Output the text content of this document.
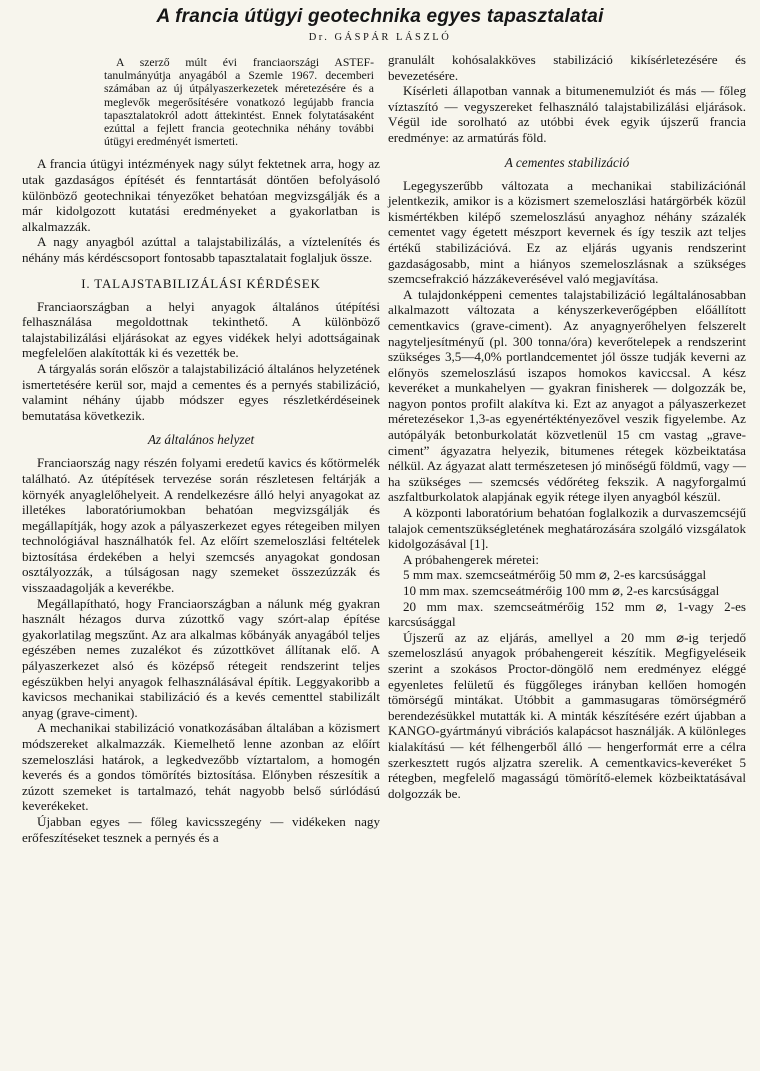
A francia útügyi geotechnika egyes tapasztalatai
Dr. GÁSPÁR LÁSZLÓ

A szerző múlt évi franciaországi ASTEF-tanulmányútja anyagából a Szemle 1967. decemberi számában az új útpályaszerkezetek méretezésére és a meglevők megerősítésére vonatkozó legújabb francia tapasztalatokról adott áttekintést. Ennek folytatásaként ezúttal a fejlett francia geotechnika néhány további útügyi eredményét ismerteti.

A francia útügyi intézmények nagy súlyt fektetnek arra, hogy az utak gazdaságos építését és fenntartását döntően befolyásoló különböző geotechnikai tényezőket behatóan megvizsgálják és a már kidolgozott kutatási eredményeket a gyakorlatban is alkalmazzák.

A nagy anyagból azúttal a talajstabilizálás, a víztelenítés és néhány más kérdéscsoport fontosabb tapasztalatait foglaljuk össze.

I. TALAJSTABILIZÁLÁSI KÉRDÉSEK

Franciaországban a helyi anyagok általános útépítési felhasználása megoldottnak tekinthető. A különböző talajstabilizálási eljárásokat az egyes vidékek helyi adottságainak megfelelően alakították ki és vezették be.

A tárgyalás során először a talajstabilizáció általános helyzetének ismertetésére kerül sor, majd a cementes és a pernyés stabilizáció, valamint néhány újabb módszer egyes részletkérdéseinek bemutatása következik.

Az általános helyzet

Franciaország nagy részén folyami eredetű kavics és kőtörmelék található. Az útépítések tervezése során részletesen feltárják a környék anyaglelőhelyeit. A rendelkezésre álló helyi anyagokat az illetékes laboratóriumokban behatóan megvizsgálják és megállapítják, hogy azok a pályaszerkezet egyes rétegeiben milyen technológiával használhatók fel. Az előírt szemeloszlási feltételek biztosítása érdekében a helyi szemcsés anyagokat gondosan osztályozzák, a túlságosan nagy szemeket összezúzzák és visszaadagolják a keverékbe.

Megállapítható, hogy Franciaországban a nálunk még gyakran használt hézagos durva zúzottkő vagy szórt-alap építése gyakorlatilag megszűnt. Az ara alkalmas kőbányák anyagából teljes egészében nemes zuzalékot és zúzottkövet állítanak elő. A pályaszerkezet alsó és középső rétegeit rendszerint teljes egészükben helyi anyagok felhasználásával építik. Leggyakoribb a kavicsos mechanikai stabilizáció és a kevés cementtel stabilizált anyag (grave-ciment).

A mechanikai stabilizáció vonatkozásában általában a közismert módszereket alkalmazzák. Kiemelhető lenne azonban az előírt szemeloszlási határok, a legkedvezőbb víztartalom, a homogén keverés és a gondos tömörítés biztosítása. Előnyben részesítik a zúzott szemeket is tartalmazó, tehát nagyobb belső súrlódású keverékeket.

Újabban egyes — főleg kavicsszegény — vidékeken nagy erőfeszítéseket tesznek a pernyés és a

granulált kohósalakköves stabilizáció kikísérletezésére és bevezetésére.

Kísérleti állapotban vannak a bitumenemulziót és más — főleg víztaszító — vegyszereket felhasználó talajstabilizálási eljárások. Végül ide sorolható az utóbbi évek egyik újszerű francia eredménye: az armatúrás föld.

A cementes stabilizáció

Legegyszerűbb változata a mechanikai stabilizációnál jelentkezik, amikor is a közismert szemeloszlási határgörbék közül kismértékben kilépő szemeloszlású anyaghoz néhány százalék cementet vagy égetett mészport kevernek és így teszik azt teljes értékű stabilizációvá. Ez az eljárás ugyanis rendszerint gazdaságosabb, mint a hiányos szemeloszlásnak a szükséges szemcsefrakció házzákeverésével való megjavítása.

A tulajdonképpeni cementes talajstabilizáció legáltalánosabban alkalmazott változata a kényszerkeverőgépben előállított cementkavics (grave-ciment). Az anyagnyerőhelyen felszerelt nagyteljesítményű (pl. 300 tonna/óra) keverőtelepek a rendszerint szükséges 3,5—4,0% portlandcementet jól össze tudják keverni az előnyös szemeloszlású iszapos homokos kaviccsal. A kész keveréket a munkahelyen — gyakran finisherek — dolgozzák be, nagyon pontos profilt alakítva ki. Ezt az anyagot a pályaszerkezet méretezésekor 1,3-as egyenértéktényezővel veszik figyelembe. Az autópályák betonburkolatát közvetlenül 15 cm vastag „grave-ciment” ágyazatra helyezik, bitumenes rétegek közbeiktatása nélkül. Az ágyazat alatt természetesen jó minőségű földmű, vagy — ha szükséges — szemcsés védőréteg fekszik. A nagyforgalmú aszfaltburkolatok alapjának egyik rétege ilyen anyagból készül.

A központi laboratórium behatóan foglalkozik a durvaszemcséjű talajok cementszükségletének meghatározására szolgáló vizsgálatok kidolgozásával [1].

A próbahengerek méretei:

5 mm max. szemcseátmérőig 50 mm ⌀, 2-es karcsúsággal

10 mm max. szemcseátmérőig 100 mm ⌀, 2-es karcsúsággal

20 mm max. szemcseátmérőig 152 mm ⌀, 1-vagy 2-es karcsúsággal

Újszerű az az eljárás, amellyel a 20 mm ⌀-ig terjedő szemeloszlású anyagok próbahengereit készítik. Megfigyeléseik szerint a szokásos Proctor-döngölő nem eredményez eléggé egyenletes felületű és függőleges irányban kellően homogén tömörségű mintákat. Utóbbit a gammasugaras tömörségmérő berendezésükkel mutatták ki. A minták készítésére ezért újabban a KANGO-gyártmányú vibrációs kalapácsot használják. A különleges kialakítású — két félhengerből álló — hengerformát erre a célra szerkesztett rugós aljzatra szerelik. A cementkavics-keveréket 5 rétegben, megfelelő magasságú tömörítő-elemek közbeiktatásával dolgozzák be.
